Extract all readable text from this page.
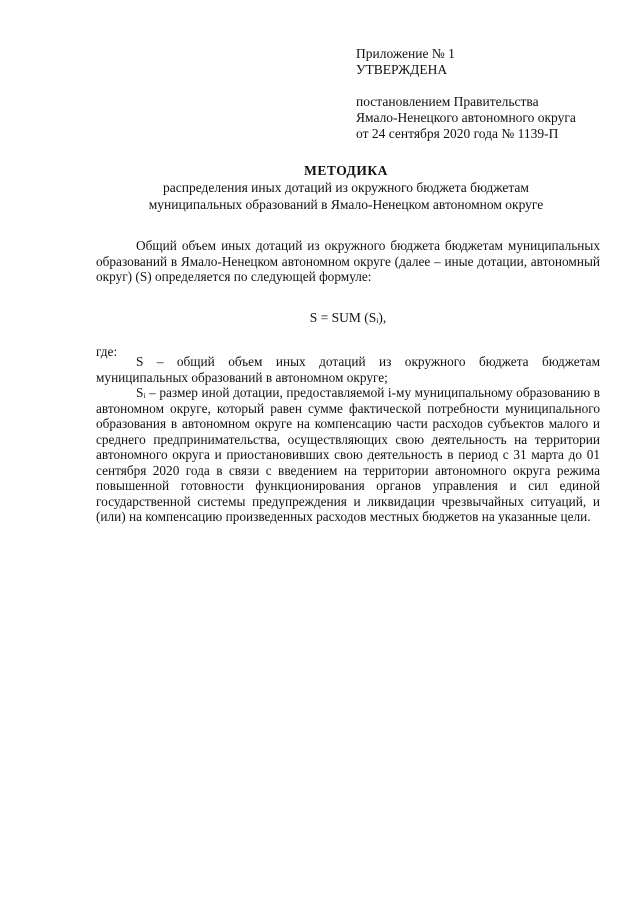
Приложение № 1
УТВЕРЖДЕНА
постановлением Правительства
Ямало-Ненецкого автономного округа
от 24 сентября 2020 года № 1139-П
МЕТОДИКА
распределения иных дотаций из окружного бюджета бюджетам
муниципальных образований в Ямало-Ненецком автономном округе

Общий объем иных дотаций из окружного бюджета бюджетам муниципальных образований в Ямало-Ненецком автономном округе (далее – иные дотации, автономный округ) (S) определяется по следующей формуле:

S = SUM (Sᵢ),

где:

S – общий объем иных дотаций из окружного бюджета бюджетам муниципальных образований в автономном округе;

Sᵢ – размер иной дотации, предоставляемой i-му муниципальному образованию в автономном округе, который равен сумме фактической потребности муниципального образования в автономном округе на компенсацию части расходов субъектов малого и среднего предпринимательства, осуществляющих свою деятельность на территории автономного округа и приостановивших свою деятельность в период с 31 марта до 01 сентября 2020 года в связи с введением на территории автономного округа режима повышенной готовности функционирования органов управления и сил единой государственной системы предупреждения и ликвидации чрезвычайных ситуаций, и (или) на компенсацию произведенных расходов местных бюджетов на указанные цели.
